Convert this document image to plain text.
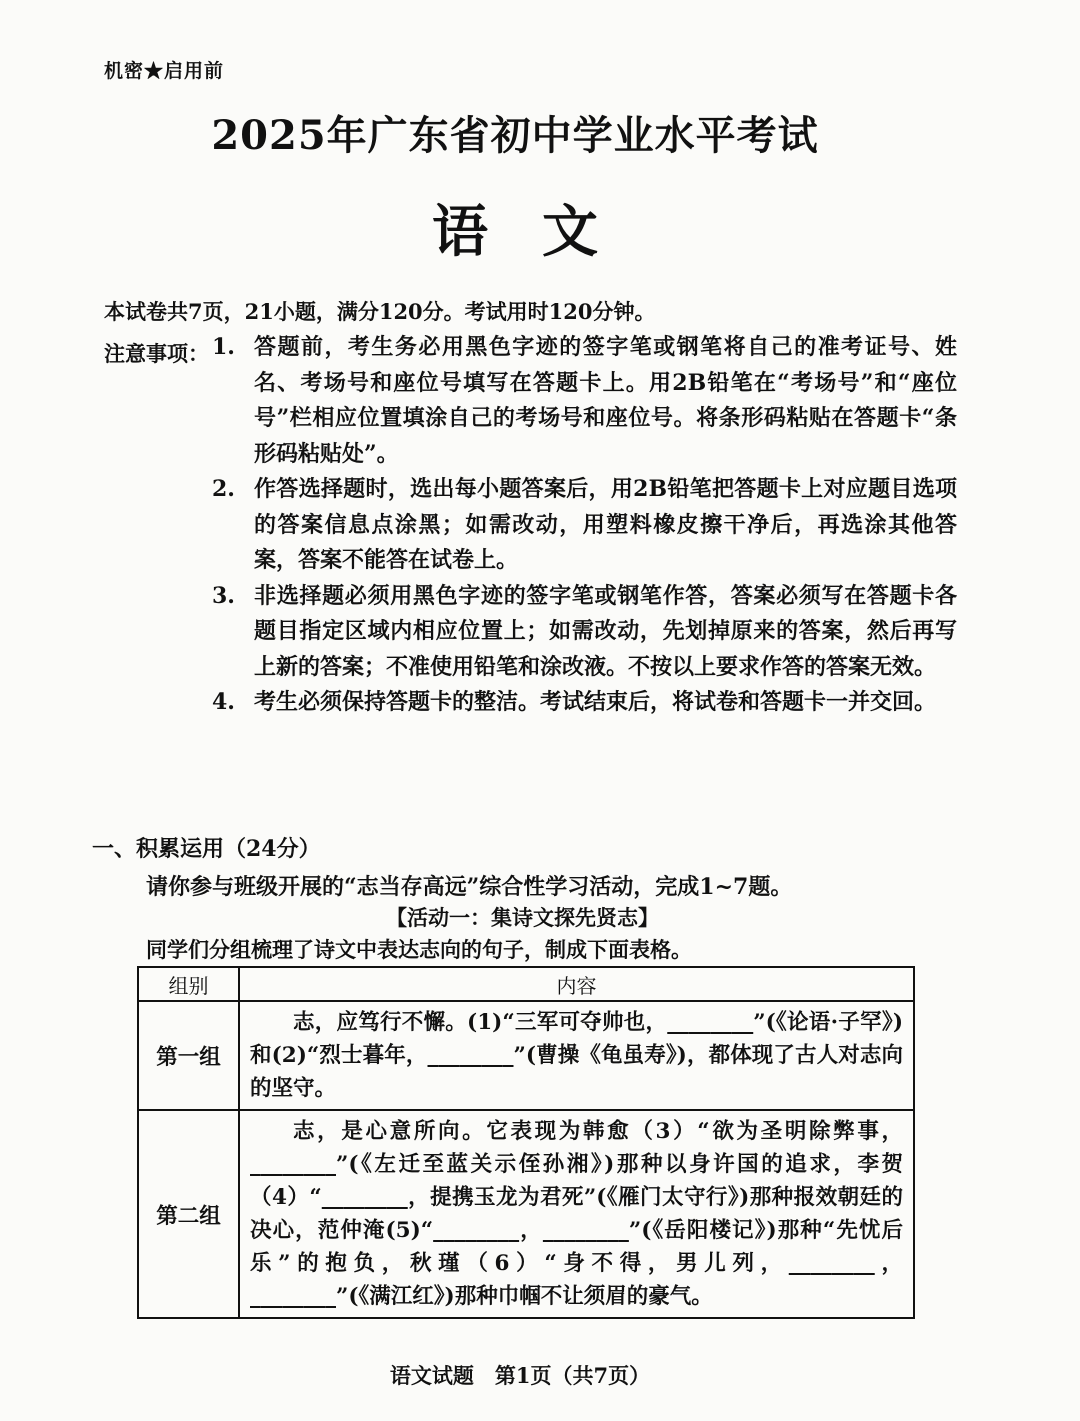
机密★启用前
2025年广东省初中学业水平考试
语文
本试卷共7页，21小题，满分120分。考试用时120分钟。
注意事项： 1. 答题前，考生务必用黑色字迹的签字笔或钢笔将自己的准考证号、姓名、考场号和座位号填写在答题卡上。用2B铅笔在“考场号”和“座位号”栏相应位置填涂自己的考场号和座位号。将条形码粘贴在答题卡“条形码粘贴处”。
2. 作答选择题时，选出每小题答案后，用2B铅笔把答题卡上对应题目选项的答案信息点涂黑；如需改动，用塑料橡皮擦干净后，再选涂其他答案，答案不能答在试卷上。
3. 非选择题必须用黑色字迹的签字笔或钢笔作答，答案必须写在答题卡各题目指定区域内相应位置上；如需改动，先划掉原来的答案，然后再写上新的答案；不准使用铅笔和涂改液。不按以上要求作答的答案无效。
4. 考生必须保持答题卡的整洁。考试结束后，将试卷和答题卡一并交回。
一、积累运用（24分）
请你参与班级开展的“志当存高远”综合性学习活动，完成1~7题。
【活动一：集诗文探先贤志】
同学们分组梳理了诗文中表达志向的句子，制成下面表格。
组别	内容
第一组	志，应笃行不懈。(1)“三军可夺帅也，________”(《论语·子罕》)和(2)“烈士暮年，________”(曹操《龟虽寿》)，都体现了古人对志向的坚守。

第二组	志，是心意所向。它表现为韩愈（3）“欲为圣明除弊事，________”(《左迁至蓝关示侄孙湘》)那种以身许国的追求，李贺（4）“________，提携玉龙为君死”(《雁门太守行》)那种报效朝廷的决心，范仲淹(5)“________，________”(《岳阳楼记》)那种“先忧后乐”的抱负，秋瑾（6）“身不得，男儿列，________，________”(《满江红》)那种巾帼不让须眉的豪气。
语文试题　第1页（共7页）
